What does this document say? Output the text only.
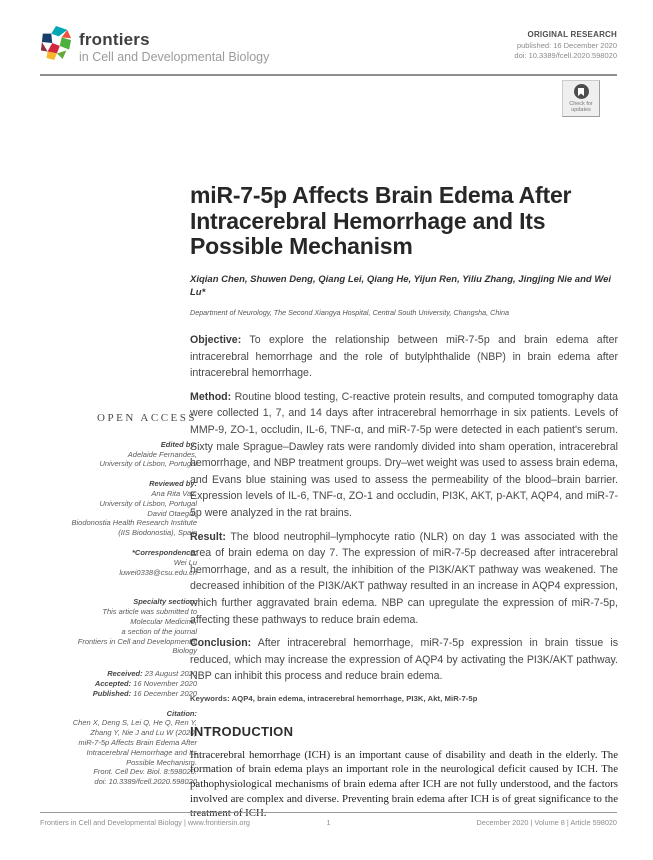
frontiers
in Cell and Developmental Biology
ORIGINAL RESEARCH
published: 16 December 2020
doi: 10.3389/fcell.2020.598020
Check for updates
miR-7-5p Affects Brain Edema After Intracerebral Hemorrhage and Its Possible Mechanism
Xiqian Chen, Shuwen Deng, Qiang Lei, Qiang He, Yijun Ren, Yiliu Zhang, Jingjing Nie and Wei Lu*
Department of Neurology, The Second Xiangya Hospital, Central South University, Changsha, China
OPEN ACCESS
Edited by:
Adelaide Fernandes,
University of Lisbon, Portugal
Reviewed by:
Ana Rita Vaz,
University of Lisbon, Portugal
David Otaegui,
Biodonostia Health Research Institute
(IIS Biodonostia), Spain
*Correspondence:
Wei Lu
luwei0338@csu.edu.cn
Specialty section:
This article was submitted to
Molecular Medicine,
a section of the journal
Frontiers in Cell and Developmental
Biology
Received: 23 August 2020
Accepted: 16 November 2020
Published: 16 December 2020
Citation:
Chen X, Deng S, Lei Q, He Q, Ren Y,
Zhang Y, Nie J and Lu W (2020)
miR-7-5p Affects Brain Edema After
Intracerebral Hemorrhage and Its
Possible Mechanism.
Front. Cell Dev. Biol. 8:598020.
doi: 10.3389/fcell.2020.598020

Objective: To explore the relationship between miR-7-5p and brain edema after intracerebral hemorrhage and the role of butylphthalide (NBP) in brain edema after intracerebral hemorrhage.

Method: Routine blood testing, C-reactive protein results, and computed tomography data were collected 1, 7, and 14 days after intracerebral hemorrhage in six patients. Levels of MMP-9, ZO-1, occludin, IL-6, TNF-α, and miR-7-5p were detected in each patient's serum. Sixty male Sprague–Dawley rats were randomly divided into sham operation, intracerebral hemorrhage, and NBP treatment groups. Dry–wet weight was used to assess brain edema, and Evans blue staining was used to assess the permeability of the blood–brain barrier. Expression levels of IL-6, TNF-α, ZO-1 and occludin, PI3K, AKT, p-AKT, AQP4, and miR-7-5p were analyzed in the rat brains.

Result: The blood neutrophil–lymphocyte ratio (NLR) on day 1 was associated with the area of brain edema on day 7. The expression of miR-7-5p decreased after intracerebral hemorrhage, and as a result, the inhibition of the PI3K/AKT pathway was weakened. The decreased inhibition of the PI3K/AKT pathway resulted in an increase in AQP4 expression, which further aggravated brain edema. NBP can upregulate the expression of miR-7-5p, affecting these pathways to reduce brain edema.

Conclusion: After intracerebral hemorrhage, miR-7-5p expression in brain tissue is reduced, which may increase the expression of AQP4 by activating the PI3K/AKT pathway. NBP can inhibit this process and reduce brain edema.

Keywords: AQP4, brain edema, intracerebral hemorrhage, PI3K, Akt, MiR-7-5p
INTRODUCTION

Intracerebral hemorrhage (ICH) is an important cause of disability and death in the elderly. The formation of brain edema plays an important role in the neurological deficit caused by ICH. The pathophysiological mechanisms of brain edema after ICH are not fully understood, and the factors involved are complex and diverse. Preventing brain edema after ICH is of great significance to the treatment of ICH.

Frontiers in Cell and Developmental Biology | www.frontiersin.org	1	December 2020 | Volume 8 | Article 598020
